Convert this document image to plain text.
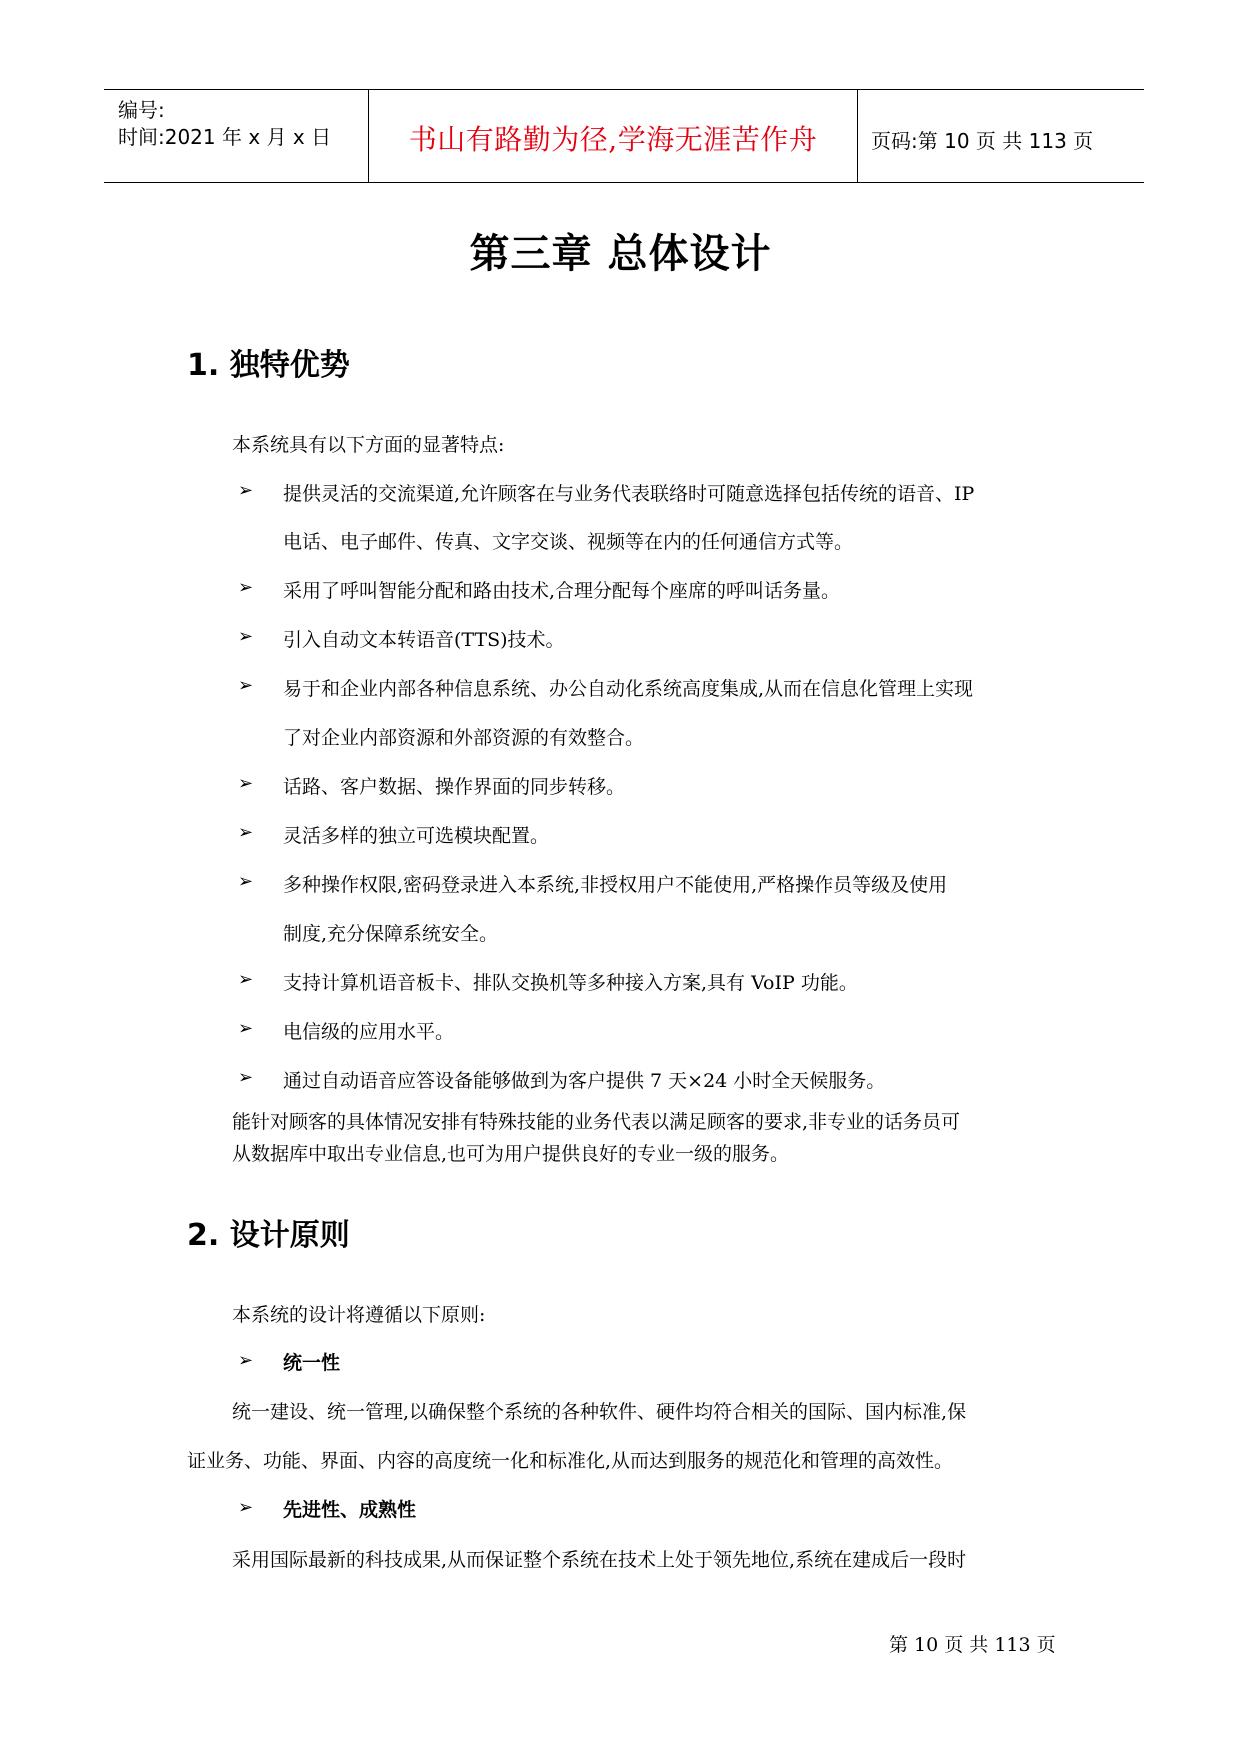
编号:
时间:2021 年 x 月 x 日	书山有路勤为径,学海无涯苦作舟	页码:第 10 页 共 113 页
第三章 总体设计
1. 独特优势
本系统具有以下方面的显著特点:
➢ 提供灵活的交流渠道,允许顾客在与业务代表联络时可随意选择包括传统的语音、IP
电话、电子邮件、传真、文字交谈、视频等在内的任何通信方式等。
➢ 采用了呼叫智能分配和路由技术,合理分配每个座席的呼叫话务量。
➢ 引入自动文本转语音(TTS)技术。
➢ 易于和企业内部各种信息系统、办公自动化系统高度集成,从而在信息化管理上实现
了对企业内部资源和外部资源的有效整合。
➢ 话路、客户数据、操作界面的同步转移。
➢ 灵活多样的独立可选模块配置。
➢ 多种操作权限,密码登录进入本系统,非授权用户不能使用,严格操作员等级及使用
制度,充分保障系统安全。
➢ 支持计算机语音板卡、排队交换机等多种接入方案,具有 VoIP 功能。
➢ 电信级的应用水平。
➢ 通过自动语音应答设备能够做到为客户提供 7 天×24 小时全天候服务。
能针对顾客的具体情况安排有特殊技能的业务代表以满足顾客的要求,非专业的话务员可
从数据库中取出专业信息,也可为用户提供良好的专业一级的服务。
2. 设计原则
本系统的设计将遵循以下原则:
➢ 统一性
统一建设、统一管理,以确保整个系统的各种软件、硬件均符合相关的国际、国内标准,保
证业务、功能、界面、内容的高度统一化和标准化,从而达到服务的规范化和管理的高效性。
➢ 先进性、成熟性
采用国际最新的科技成果,从而保证整个系统在技术上处于领先地位,系统在建成后一段时
第 10 页 共 113 页
